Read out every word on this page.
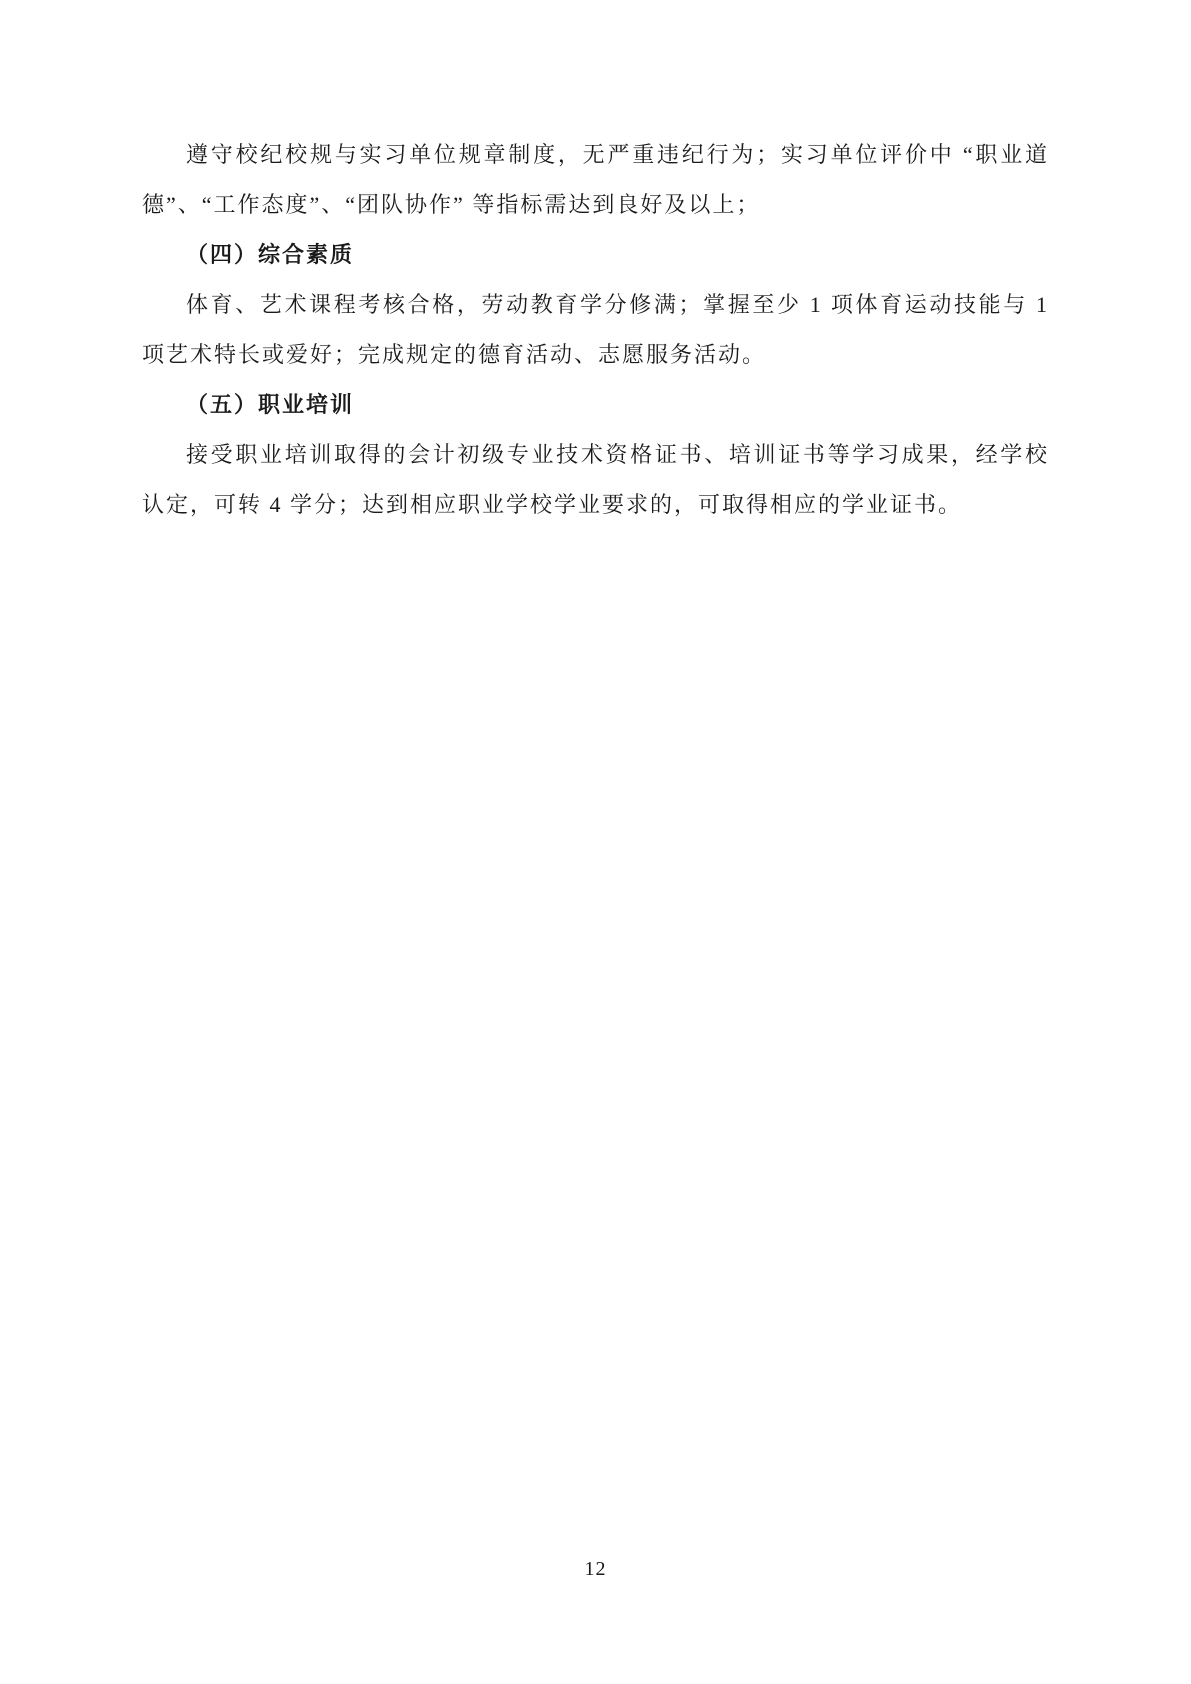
遵守校纪校规与实习单位规章制度，无严重违纪行为；实习单位评价中 “职业道德”、“工作态度”、“团队协作” 等指标需达到良好及以上；

（四）综合素质

体育、艺术课程考核合格，劳动教育学分修满；掌握至少 1 项体育运动技能与 1 项艺术特长或爱好；完成规定的德育活动、志愿服务活动。

（五）职业培训

接受职业培训取得的会计初级专业技术资格证书、培训证书等学习成果，经学校认定，可转 4 学分；达到相应职业学校学业要求的，可取得相应的学业证书。

12
